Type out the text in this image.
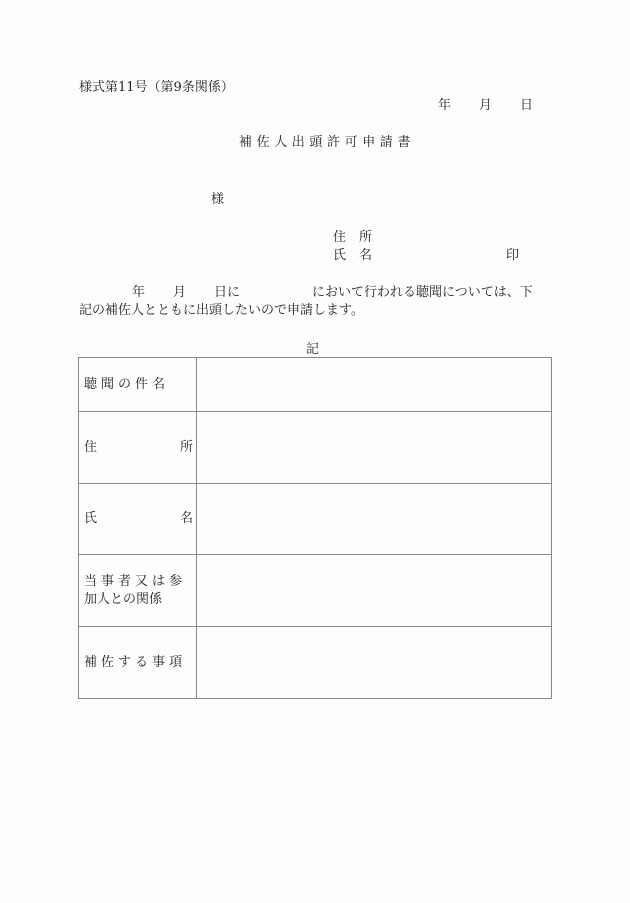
様式第11号（第9条関係）
年 月 日
補佐人出頭許可申請書
様
住　所
氏　名	印
年 月 日に	において行われる聴聞については、下
記の補佐人とともに出頭したいので申請します。
記
聴聞の件名	

住 所	

氏 名	

当事者又は参
加人との関係	

補佐する事項	
